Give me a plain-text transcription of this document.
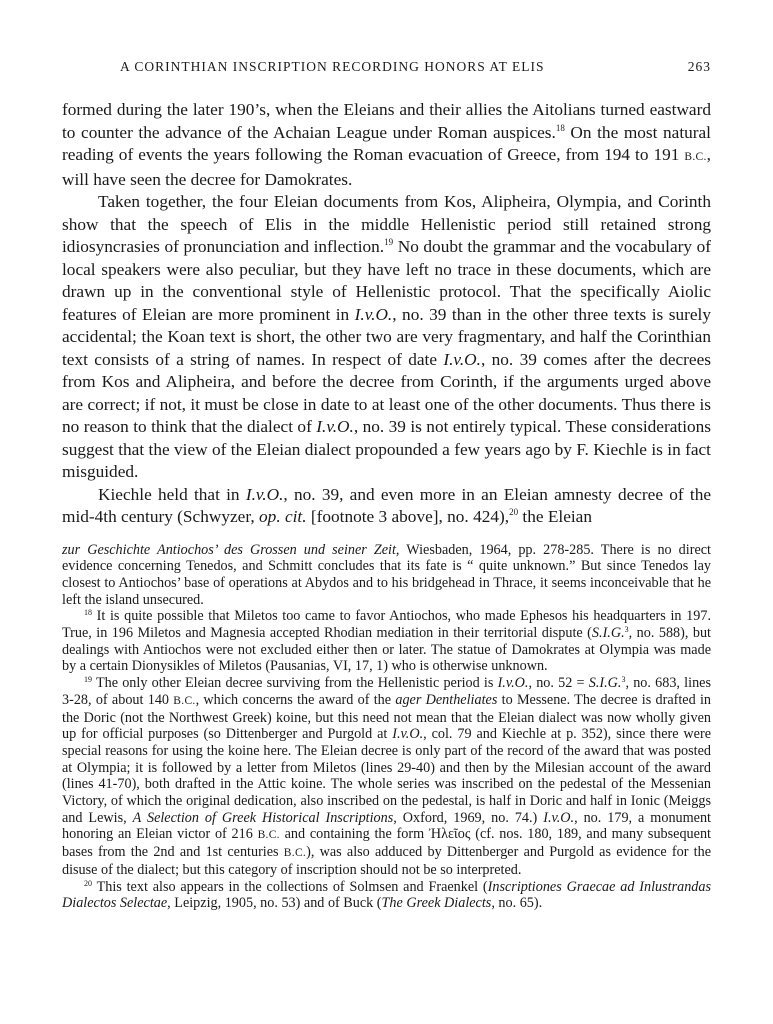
A CORINTHIAN INSCRIPTION RECORDING HONORS AT ELIS	263

formed during the later 190’s, when the Eleians and their allies the Aitolians turned eastward to counter the advance of the Achaian League under Roman auspices.$^{18}$ On the most natural reading of events the years following the Roman evacuation of Greece, from 194 to 191 B.C., will have seen the decree for Damokrates.

Taken together, the four Eleian documents from Kos, Alipheira, Olympia, and Corinth show that the speech of Elis in the middle Hellenistic period still retained strong idiosyncrasies of pronunciation and inflection.$^{19}$ No doubt the grammar and the vocabulary of local speakers were also peculiar, but they have left no trace in these documents, which are drawn up in the conventional style of Hellenistic protocol. That the specifically Aiolic features of Eleian are more prominent in I.v.O., no. 39 than in the other three texts is surely accidental; the Koan text is short, the other two are very fragmentary, and half the Corinthian text consists of a string of names. In respect of date I.v.O., no. 39 comes after the decrees from Kos and Alipheira, and before the decree from Corinth, if the arguments urged above are correct; if not, it must be close in date to at least one of the other documents. Thus there is no reason to think that the dialect of I.v.O., no. 39 is not entirely typical. These considerations suggest that the view of the Eleian dialect propounded a few years ago by F. Kiechle is in fact misguided.

Kiechle held that in I.v.O., no. 39, and even more in an Eleian amnesty decree of the mid-4th century (Schwyzer, op. cit. [footnote 3 above], no. 424),$^{20}$ the Eleian

zur Geschichte Antiochos’ des Grossen und seiner Zeit, Wiesbaden, 1964, pp. 278-285. There is no direct evidence concerning Tenedos, and Schmitt concludes that its fate is “ quite unknown.” But since Tenedos lay closest to Antiochos’ base of operations at Abydos and to his bridgehead in Thrace, it seems inconceivable that he left the island unsecured.

$^{18}$ It is quite possible that Miletos too came to favor Antiochos, who made Ephesos his headquarters in 197. True, in 196 Miletos and Magnesia accepted Rhodian mediation in their territorial dispute (S.I.G.$^3$, no. 588), but dealings with Antiochos were not excluded either then or later. The statue of Damokrates at Olympia was made by a certain Dionysikles of Miletos (Pausanias, VI, 17, 1) who is otherwise unknown.

$^{19}$ The only other Eleian decree surviving from the Hellenistic period is I.v.O., no. 52 = S.I.G.$^3$, no. 683, lines 3-28, of about 140 B.C., which concerns the award of the ager Dentheliates to Messene. The decree is drafted in the Doric (not the Northwest Greek) koine, but this need not mean that the Eleian dialect was now wholly given up for official purposes (so Dittenberger and Purgold at I.v.O., col. 79 and Kiechle at p. 352), since there were special reasons for using the koine here. The Eleian decree is only part of the record of the award that was posted at Olympia; it is followed by a letter from Miletos (lines 29-40) and then by the Milesian account of the award (lines 41-70), both drafted in the Attic koine. The whole series was inscribed on the pedestal of the Messenian Victory, of which the original dedication, also inscribed on the pedestal, is half in Doric and half in Ionic (Meiggs and Lewis, A Selection of Greek Historical Inscriptions, Oxford, 1969, no. 74.) I.v.O., no. 179, a monument honoring an Eleian victor of 216 B.C. and containing the form Ἠλεῖος (cf. nos. 180, 189, and many subsequent bases from the 2nd and 1st centuries B.C.), was also adduced by Dittenberger and Purgold as evidence for the disuse of the dialect; but this category of inscription should not be so interpreted.

$^{20}$ This text also appears in the collections of Solmsen and Fraenkel (Inscriptiones Graecae ad Inlustrandas Dialectos Selectae, Leipzig, 1905, no. 53) and of Buck (The Greek Dialects, no. 65).
